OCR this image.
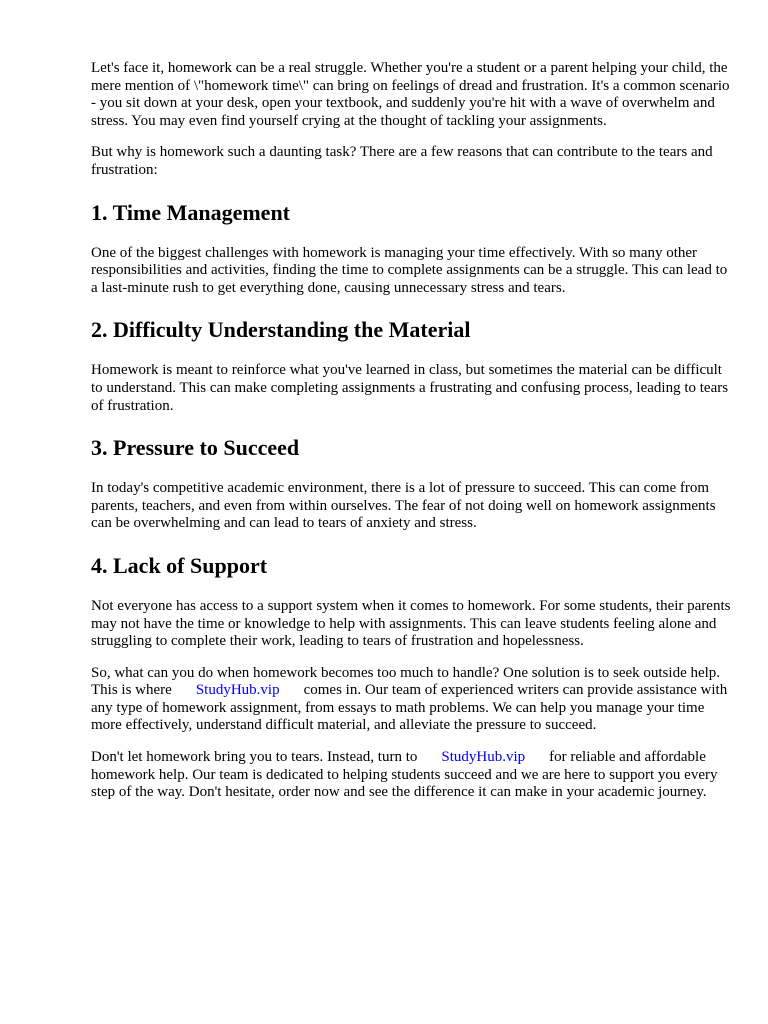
Let's face it, homework can be a real struggle. Whether you're a student or a parent helping your child, the mere mention of \"homework time\" can bring on feelings of dread and frustration. It's a common scenario - you sit down at your desk, open your textbook, and suddenly you're hit with a wave of overwhelm and stress. You may even find yourself crying at the thought of tackling your assignments.

But why is homework such a daunting task? There are a few reasons that can contribute to the tears and frustration:

1. Time Management

One of the biggest challenges with homework is managing your time effectively. With so many other responsibilities and activities, finding the time to complete assignments can be a struggle. This can lead to a last-minute rush to get everything done, causing unnecessary stress and tears.

2. Difficulty Understanding the Material

Homework is meant to reinforce what you've learned in class, but sometimes the material can be difficult to understand. This can make completing assignments a frustrating and confusing process, leading to tears of frustration.

3. Pressure to Succeed

In today's competitive academic environment, there is a lot of pressure to succeed. This can come from parents, teachers, and even from within ourselves. The fear of not doing well on homework assignments can be overwhelming and can lead to tears of anxiety and stress.

4. Lack of Support

Not everyone has access to a support system when it comes to homework. For some students, their parents may not have the time or knowledge to help with assignments. This can leave students feeling alone and struggling to complete their work, leading to tears of frustration and hopelessness.

So, what can you do when homework becomes too much to handle? One solution is to seek outside help. This is where StudyHub.vip comes in. Our team of experienced writers can provide assistance with any type of homework assignment, from essays to math problems. We can help you manage your time more effectively, understand difficult material, and alleviate the pressure to succeed.

Don't let homework bring you to tears. Instead, turn to StudyHub.vip for reliable and affordable homework help. Our team is dedicated to helping students succeed and we are here to support you every step of the way. Don't hesitate, order now and see the difference it can make in your academic journey.
